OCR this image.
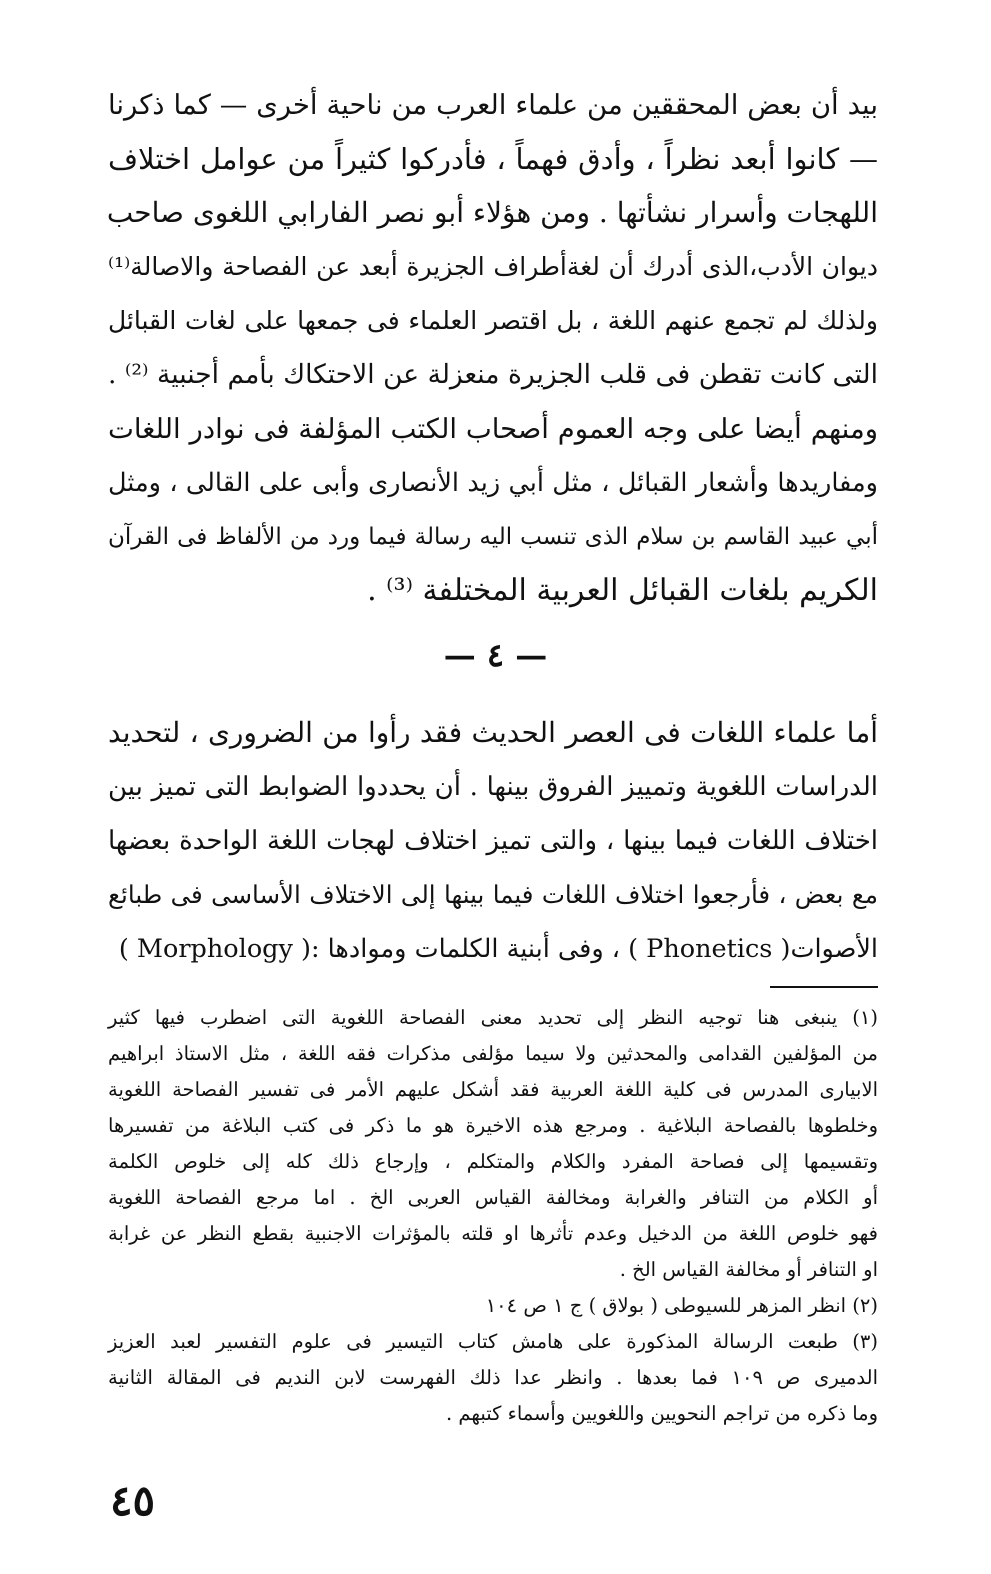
بيد أن بعض المحققين من علماء العرب من ناحية أخرى — كما ذكرنا

— كانوا أبعد نظراً ، وأدق فهماً ، فأدركوا كثيراً من عوامل اختلاف

اللهجات وأسرار نشأتها . ومن هؤلاء أبو نصر الفارابي اللغوى صاحب

ديوان الأدب،الذى أدرك أن لغةأطراف الجزيرة أبعد عن الفصاحة والاصالة⁽¹⁾

ولذلك لم تجمع عنهم اللغة ، بل اقتصر العلماء فى جمعها على لغات القبائل

التى كانت تقطن فى قلب الجزيرة منعزلة عن الاحتكاك بأمم أجنبية ⁽²⁾ .

ومنهم أيضا على وجه العموم أصحاب الكتب المؤلفة فى نوادر اللغات

ومفاريدها وأشعار القبائل ، مثل أبي زيد الأنصارى وأبى على القالى ، ومثل

أبي عبيد القاسم بن سلام الذى تنسب اليه رسالة فيما ورد من الألفاظ فى القرآن

الكريم بلغات القبائل العربية المختلفة ⁽³⁾ .

— ٤ —

أما علماء اللغات فى العصر الحديث فقد رأوا من الضرورى ، لتحديد

الدراسات اللغوية وتمييز الفروق بينها . أن يحددوا الضوابط التى تميز بين

اختلاف اللغات فيما بينها ، والتى تميز اختلاف لهجات اللغة الواحدة بعضها

مع بعض ، فأرجعوا اختلاف اللغات فيما بينها إلى الاختلاف الأساسى فى طبائع

الأصوات( Phonetics ) ، وفى أبنية الكلمات وموادها :( Morphology )

(١) ينبغى هنا توجيه النظر إلى تحديد معنى الفصاحة اللغوية التى اضطرب فيها كثير

من المؤلفين القدامى والمحدثين ولا سيما مؤلفى مذكرات فقه اللغة ، مثل الاستاذ ابراهيم

الابيارى المدرس فى كلية اللغة العربية فقد أشكل عليهم الأمر فى تفسير الفصاحة اللغوية

وخلطوها بالفصاحة البلاغية . ومرجع هذه الاخيرة هو ما ذكر فى كتب البلاغة من تفسيرها

وتقسيمها إلى فصاحة المفرد والكلام والمتكلم ، وإرجاع ذلك كله إلى خلوص الكلمة

أو الكلام من التنافر والغرابة ومخالفة القياس العربى الخ . اما مرجع الفصاحة اللغوية

فهو خلوص اللغة من الدخيل وعدم تأثرها او قلته بالمؤثرات الاجنبية بقطع النظر عن غرابة

او التنافر أو مخالفة القياس الخ .

(٢) انظر المزهر للسيوطى ( بولاق ) ج ١ ص ١٠٤

(٣) طبعت الرسالة المذكورة على هامش كتاب التيسير فى علوم التفسير لعبد العزيز

الدميرى ص ١٠٩ فما بعدها . وانظر عدا ذلك الفهرست لابن النديم فى المقالة الثانية

وما ذكره من تراجم النحويين واللغويين وأسماء كتبهم .

٤٥
